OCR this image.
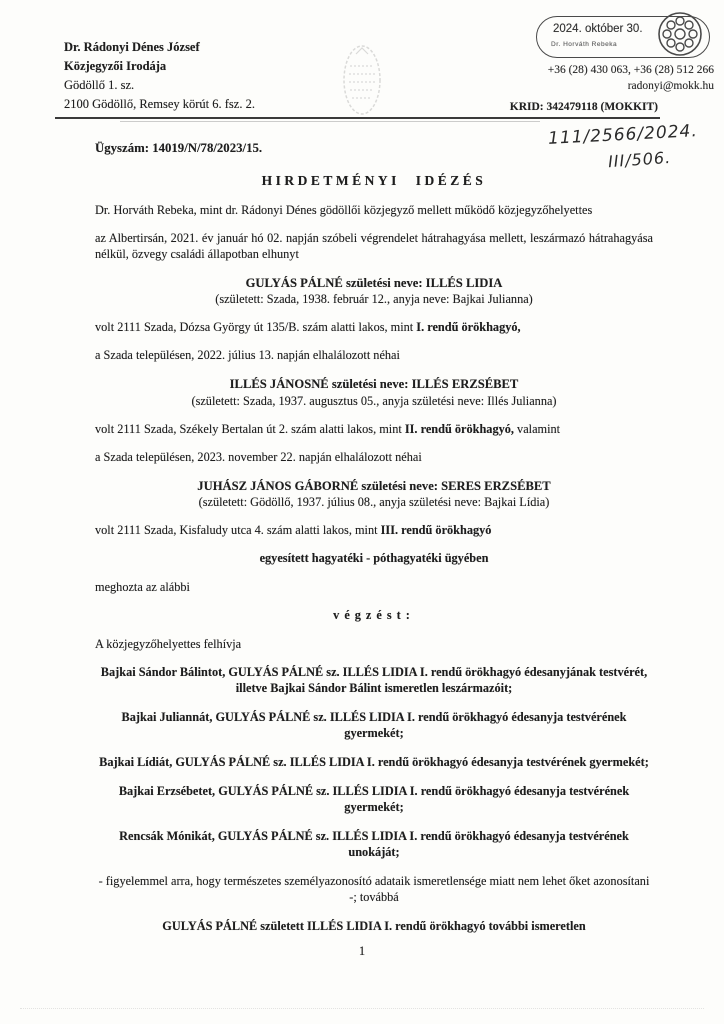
Dr. Rádonyi Dénes József
Közjegyzői Irodája
Gödöllő 1. sz.
2100 Gödöllő, Remsey körút 6. fsz. 2.
2024. október 30.
Dr. Horváth Rebeka
+36 (28) 430 063, +36 (28) 512 266
radonyi@mokk.hu
KRID: 342479118 (MOKKIT)
111/2566/2024.
III/506.

Ügyszám: 14019/N/78/2023/15.

HIRDETMÉNYI IDÉZÉS

Dr. Horváth Rebeka, mint dr. Rádonyi Dénes gödöllői közjegyző mellett működő közjegyzőhelyettes

az Albertirsán, 2021. év január hó 02. napján szóbeli végrendelet hátrahagyása mellett, leszármazó hátrahagyása nélkül, özvegy családi állapotban elhunyt

GULYÁS PÁLNÉ születési neve: ILLÉS LIDIA

(született: Szada, 1938. február 12., anyja neve: Bajkai Julianna)

volt 2111 Szada, Dózsa György út 135/B. szám alatti lakos, mint I. rendű örökhagyó,

a Szada településen, 2022. július 13. napján elhalálozott néhai

ILLÉS JÁNOSNÉ születési neve: ILLÉS ERZSÉBET

(született: Szada, 1937. augusztus 05., anyja születési neve: Illés Julianna)

volt 2111 Szada, Székely Bertalan út 2. szám alatti lakos, mint II. rendű örökhagyó, valamint

a Szada településen, 2023. november 22. napján elhalálozott néhai

JUHÁSZ JÁNOS GÁBORNÉ születési neve: SERES ERZSÉBET

(született: Gödöllő, 1937. július 08., anyja születési neve: Bajkai Lídia)

volt 2111 Szada, Kisfaludy utca 4. szám alatti lakos, mint III. rendű örökhagyó

egyesített hagyatéki - póthagyatéki ügyében

meghozta az alábbi

végzést:

A közjegyzőhelyettes felhívja

Bajkai Sándor Bálintot, GULYÁS PÁLNÉ sz. ILLÉS LIDIA I. rendű örökhagyó édesanyjának testvérét, illetve Bajkai Sándor Bálint ismeretlen leszármazóit;

Bajkai Juliannát, GULYÁS PÁLNÉ sz. ILLÉS LIDIA I. rendű örökhagyó édesanyja testvérének gyermekét;

Bajkai Lídiát, GULYÁS PÁLNÉ sz. ILLÉS LIDIA I. rendű örökhagyó édesanyja testvérének gyermekét;

Bajkai Erzsébetet, GULYÁS PÁLNÉ sz. ILLÉS LIDIA I. rendű örökhagyó édesanyja testvérének gyermekét;

Rencsák Mónikát, GULYÁS PÁLNÉ sz. ILLÉS LIDIA I. rendű örökhagyó édesanyja testvérének unokáját;

- figyelemmel arra, hogy természetes személyazonosító adataik ismeretlensége miatt nem lehet őket azonosítani -; továbbá

GULYÁS PÁLNÉ született ILLÉS LIDIA I. rendű örökhagyó további ismeretlen

1
